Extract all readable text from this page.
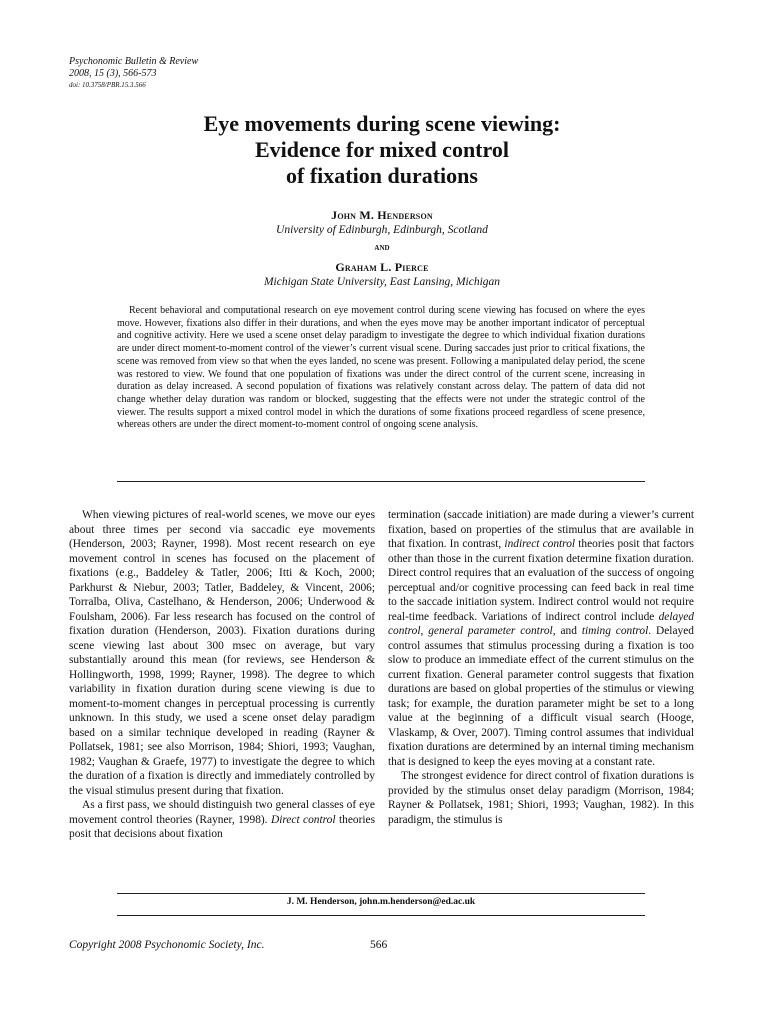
Psychonomic Bulletin & Review
2008, 15 (3), 566-573
doi: 10.3758/PBR.15.3.566
Eye movements during scene viewing:
Evidence for mixed control
of fixation durations
John M. Henderson
University of Edinburgh, Edinburgh, Scotland
and
Graham L. Pierce
Michigan State University, East Lansing, Michigan

Recent behavioral and computational research on eye movement control during scene viewing has focused on where the eyes move. However, fixations also differ in their durations, and when the eyes move may be another important indicator of perceptual and cognitive activity. Here we used a scene onset delay paradigm to investigate the degree to which individual fixation durations are under direct moment-to-moment control of the viewer’s current visual scene. During saccades just prior to critical fixations, the scene was removed from view so that when the eyes landed, no scene was present. Following a manipulated delay period, the scene was restored to view. We found that one population of fixations was under the direct control of the current scene, increasing in duration as delay increased. A second population of fixations was relatively constant across delay. The pattern of data did not change whether delay duration was random or blocked, suggesting that the effects were not under the strategic control of the viewer. The results support a mixed control model in which the durations of some fixations proceed regardless of scene presence, whereas others are under the direct moment-to-moment control of ongoing scene analysis.

When viewing pictures of real-world scenes, we move our eyes about three times per second via saccadic eye movements (Henderson, 2003; Rayner, 1998). Most recent research on eye movement control in scenes has focused on the placement of fixations (e.g., Baddeley & Tatler, 2006; Itti & Koch, 2000; Parkhurst & Niebur, 2003; Tatler, Baddeley, & Vincent, 2006; Torralba, Oliva, Castelhano, & Henderson, 2006; Underwood & Foulsham, 2006). Far less research has focused on the control of fixation duration (Henderson, 2003). Fixation durations during scene viewing last about 300 msec on average, but vary substantially around this mean (for reviews, see Henderson & Hollingworth, 1998, 1999; Rayner, 1998). The degree to which variability in fixation duration during scene viewing is due to moment-to-moment changes in perceptual processing is currently unknown. In this study, we used a scene onset delay paradigm based on a similar technique developed in reading (Rayner & Pollatsek, 1981; see also Morrison, 1984; Shiori, 1993; Vaughan, 1982; Vaughan & Graefe, 1977) to investigate the degree to which the duration of a fixation is directly and immediately controlled by the visual stimulus present during that fixation.

As a first pass, we should distinguish two general classes of eye movement control theories (Rayner, 1998). Direct control theories posit that decisions about fixation

termination (saccade initiation) are made during a viewer’s current fixation, based on properties of the stimulus that are available in that fixation. In contrast, indirect control theories posit that factors other than those in the current fixation determine fixation duration. Direct control requires that an evaluation of the success of ongoing perceptual and/or cognitive processing can feed back in real time to the saccade initiation system. Indirect control would not require real-time feedback. Variations of indirect control include delayed control, general parameter control, and timing control. Delayed control assumes that stimulus processing during a fixation is too slow to produce an immediate effect of the current stimulus on the current fixation. General parameter control suggests that fixation durations are based on global properties of the stimulus or viewing task; for example, the duration parameter might be set to a long value at the beginning of a difficult visual search (Hooge, Vlaskamp, & Over, 2007). Timing control assumes that individual fixation durations are determined by an internal timing mechanism that is designed to keep the eyes moving at a constant rate.

The strongest evidence for direct control of fixation durations is provided by the stimulus onset delay paradigm (Morrison, 1984; Rayner & Pollatsek, 1981; Shiori, 1993; Vaughan, 1982). In this paradigm, the stimulus is

J. M. Henderson, john.m.henderson@ed.ac.uk
Copyright 2008 Psychonomic Society, Inc.	566
